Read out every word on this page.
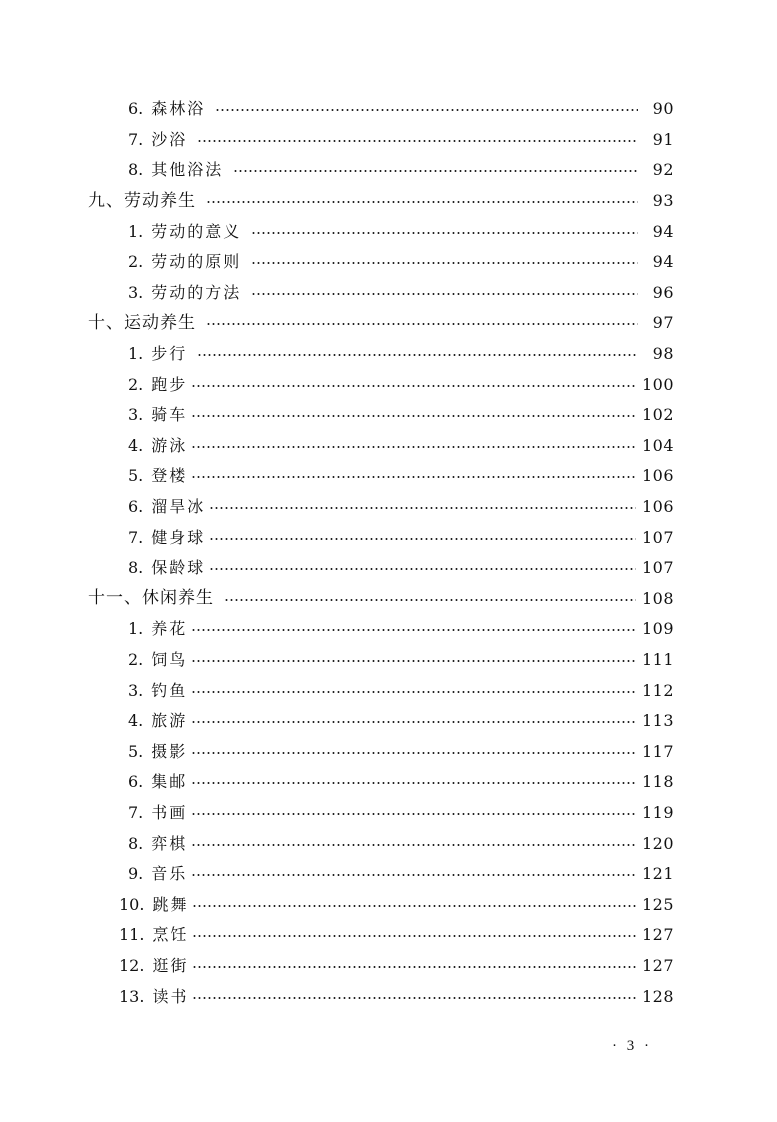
6. 森林浴	90
7. 沙浴	91
8. 其他浴法	92
九、劳动养生	93
1. 劳动的意义	94
2. 劳动的原则	94
3. 劳动的方法	96
十、运动养生	97
1. 步行	98
2. 跑步	100
3. 骑车	102
4. 游泳	104
5. 登楼	106
6. 溜旱冰	106
7. 健身球	107
8. 保龄球	107
十一、休闲养生	108
1. 养花	109
2. 饲鸟	111
3. 钓鱼	112
4. 旅游	113
5. 摄影	117
6. 集邮	118
7. 书画	119
8. 弈棋	120
9. 音乐	121
10. 跳舞	125
11. 烹饪	127
12. 逛街	127
13. 读书	128
· 3 ·
